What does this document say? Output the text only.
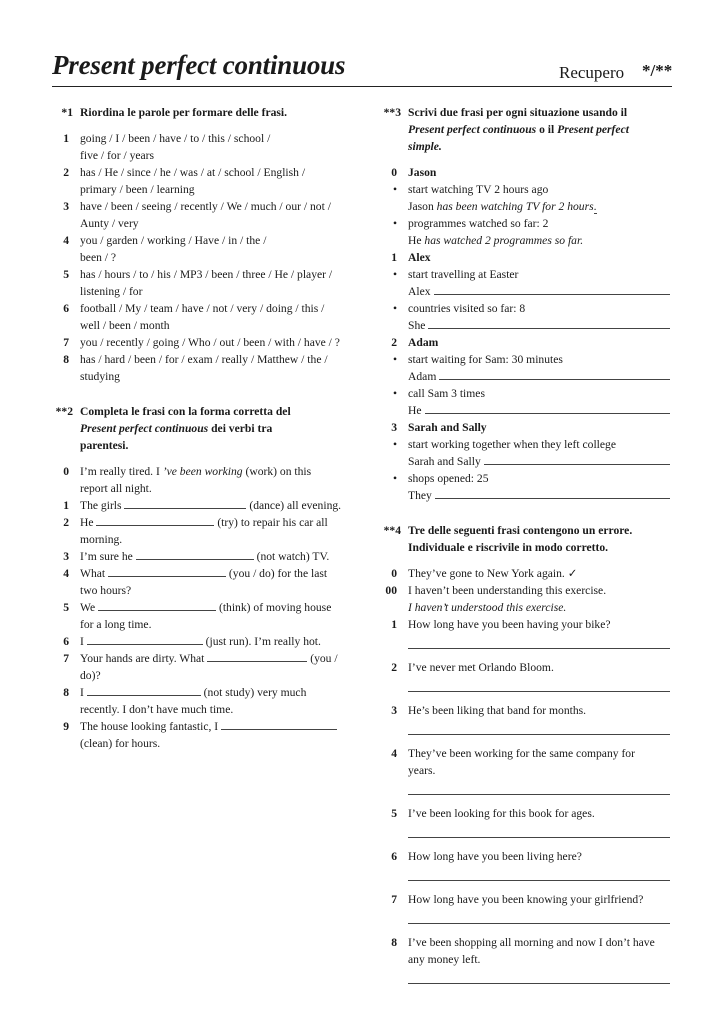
Present perfect continuous	Recupero */**
*1 Riordina le parole per formare delle frasi.
1 going / I / been / have / to / this / school /
five / for / years
2 has / He / since / he / was / at / school / English /
primary / been / learning
3 have / been / seeing / recently / We / much / our / not /
Aunty / very
4 you / garden / working / Have / in / the /
been / ?
5 has / hours / to / his / MP3 / been / three / He / player /
listening / for
6 football / My / team / have / not / very / doing / this /
well / been / month
7 you / recently / going / Who / out / been / with / have / ?
8 has / hard / been / for / exam / really / Matthew / the /
studying
**2 Completa le frasi con la forma corretta del
Present perfect continuous dei verbi tra
parentesi.
0 I’m really tired. I ’ve been working (work) on this
report all night.
1 The girls	(dance) all evening.
2 He	(try) to repair his car all
morning.
3 I’m sure he	(not watch) TV.
4 What	(you / do) for the last
two hours?
5 We	(think) of moving house
for a long time.
6 I	(just run). I’m really hot.
7 Your hands are dirty. What	(you /
do)?
8 I	(not study) very much
recently. I don’t have much time.
9 The house looking fantastic, I
(clean) for hours.
**3 Scrivi due frasi per ogni situazione usando il
Present perfect continuous o il Present perfect
simple.
0 Jason
• start watching TV 2 hours ago
Jason has been watching TV for 2 hours.
• programmes watched so far: 2
He has watched 2 programmes so far.
1 Alex
• start travelling at Easter
Alex
• countries visited so far: 8
She
2 Adam
• start waiting for Sam: 30 minutes
Adam
• call Sam 3 times
He
3 Sarah and Sally
• start working together when they left college
Sarah and Sally
• shops opened: 25
They
**4 Tre delle seguenti frasi contengono un errore.
Individuale e riscrivile in modo corretto.
0 They’ve gone to New York again. ✓
00 I haven’t been understanding this exercise.
I haven’t understood this exercise.
1 How long have you been having your bike?
2 I’ve never met Orlando Bloom.
3 He’s been liking that band for months.
4 They’ve been working for the same company for
years.
5 I’ve been looking for this book for ages.
6 How long have you been living here?
7 How long have you been knowing your girlfriend?
8 I’ve been shopping all morning and now I don’t have
any money left.
